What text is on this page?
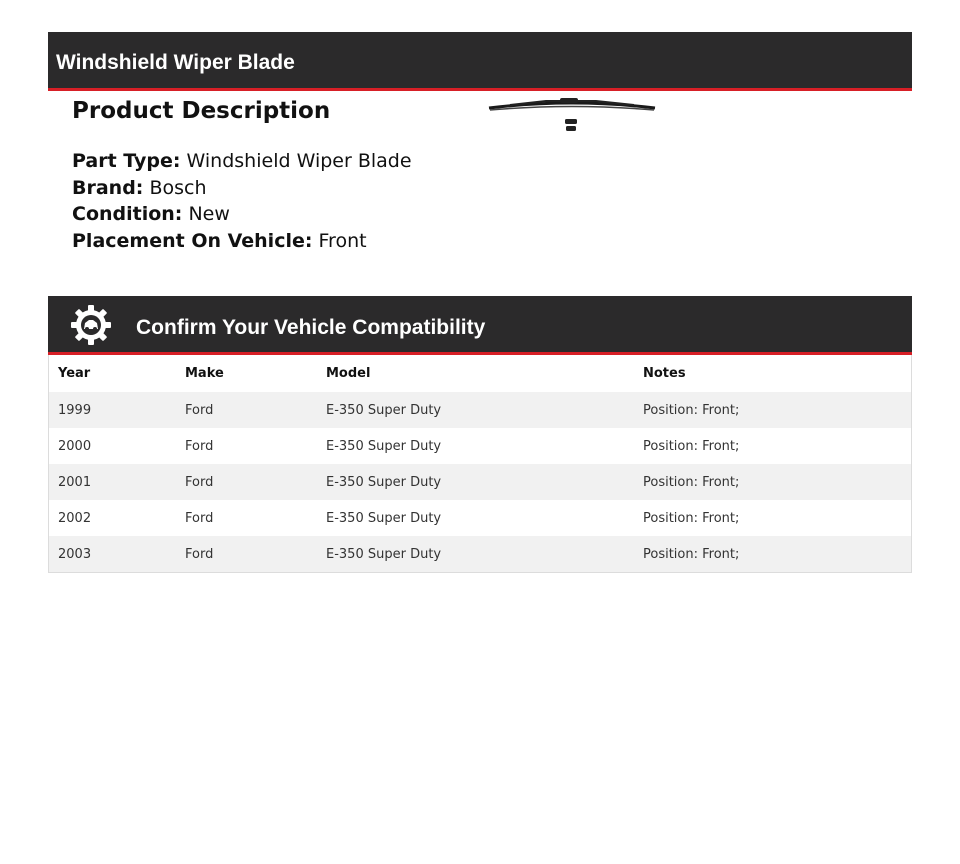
Windshield Wiper Blade
Product Description
Part Type: Windshield Wiper Blade
Brand: Bosch
Condition: New
Placement On Vehicle: Front
Confirm Your Vehicle Compatibility
Year	Make	Model	Notes
1999	Ford	E-350 Super Duty	Position: Front;
2000	Ford	E-350 Super Duty	Position: Front;
2001	Ford	E-350 Super Duty	Position: Front;
2002	Ford	E-350 Super Duty	Position: Front;
2003	Ford	E-350 Super Duty	Position: Front;
